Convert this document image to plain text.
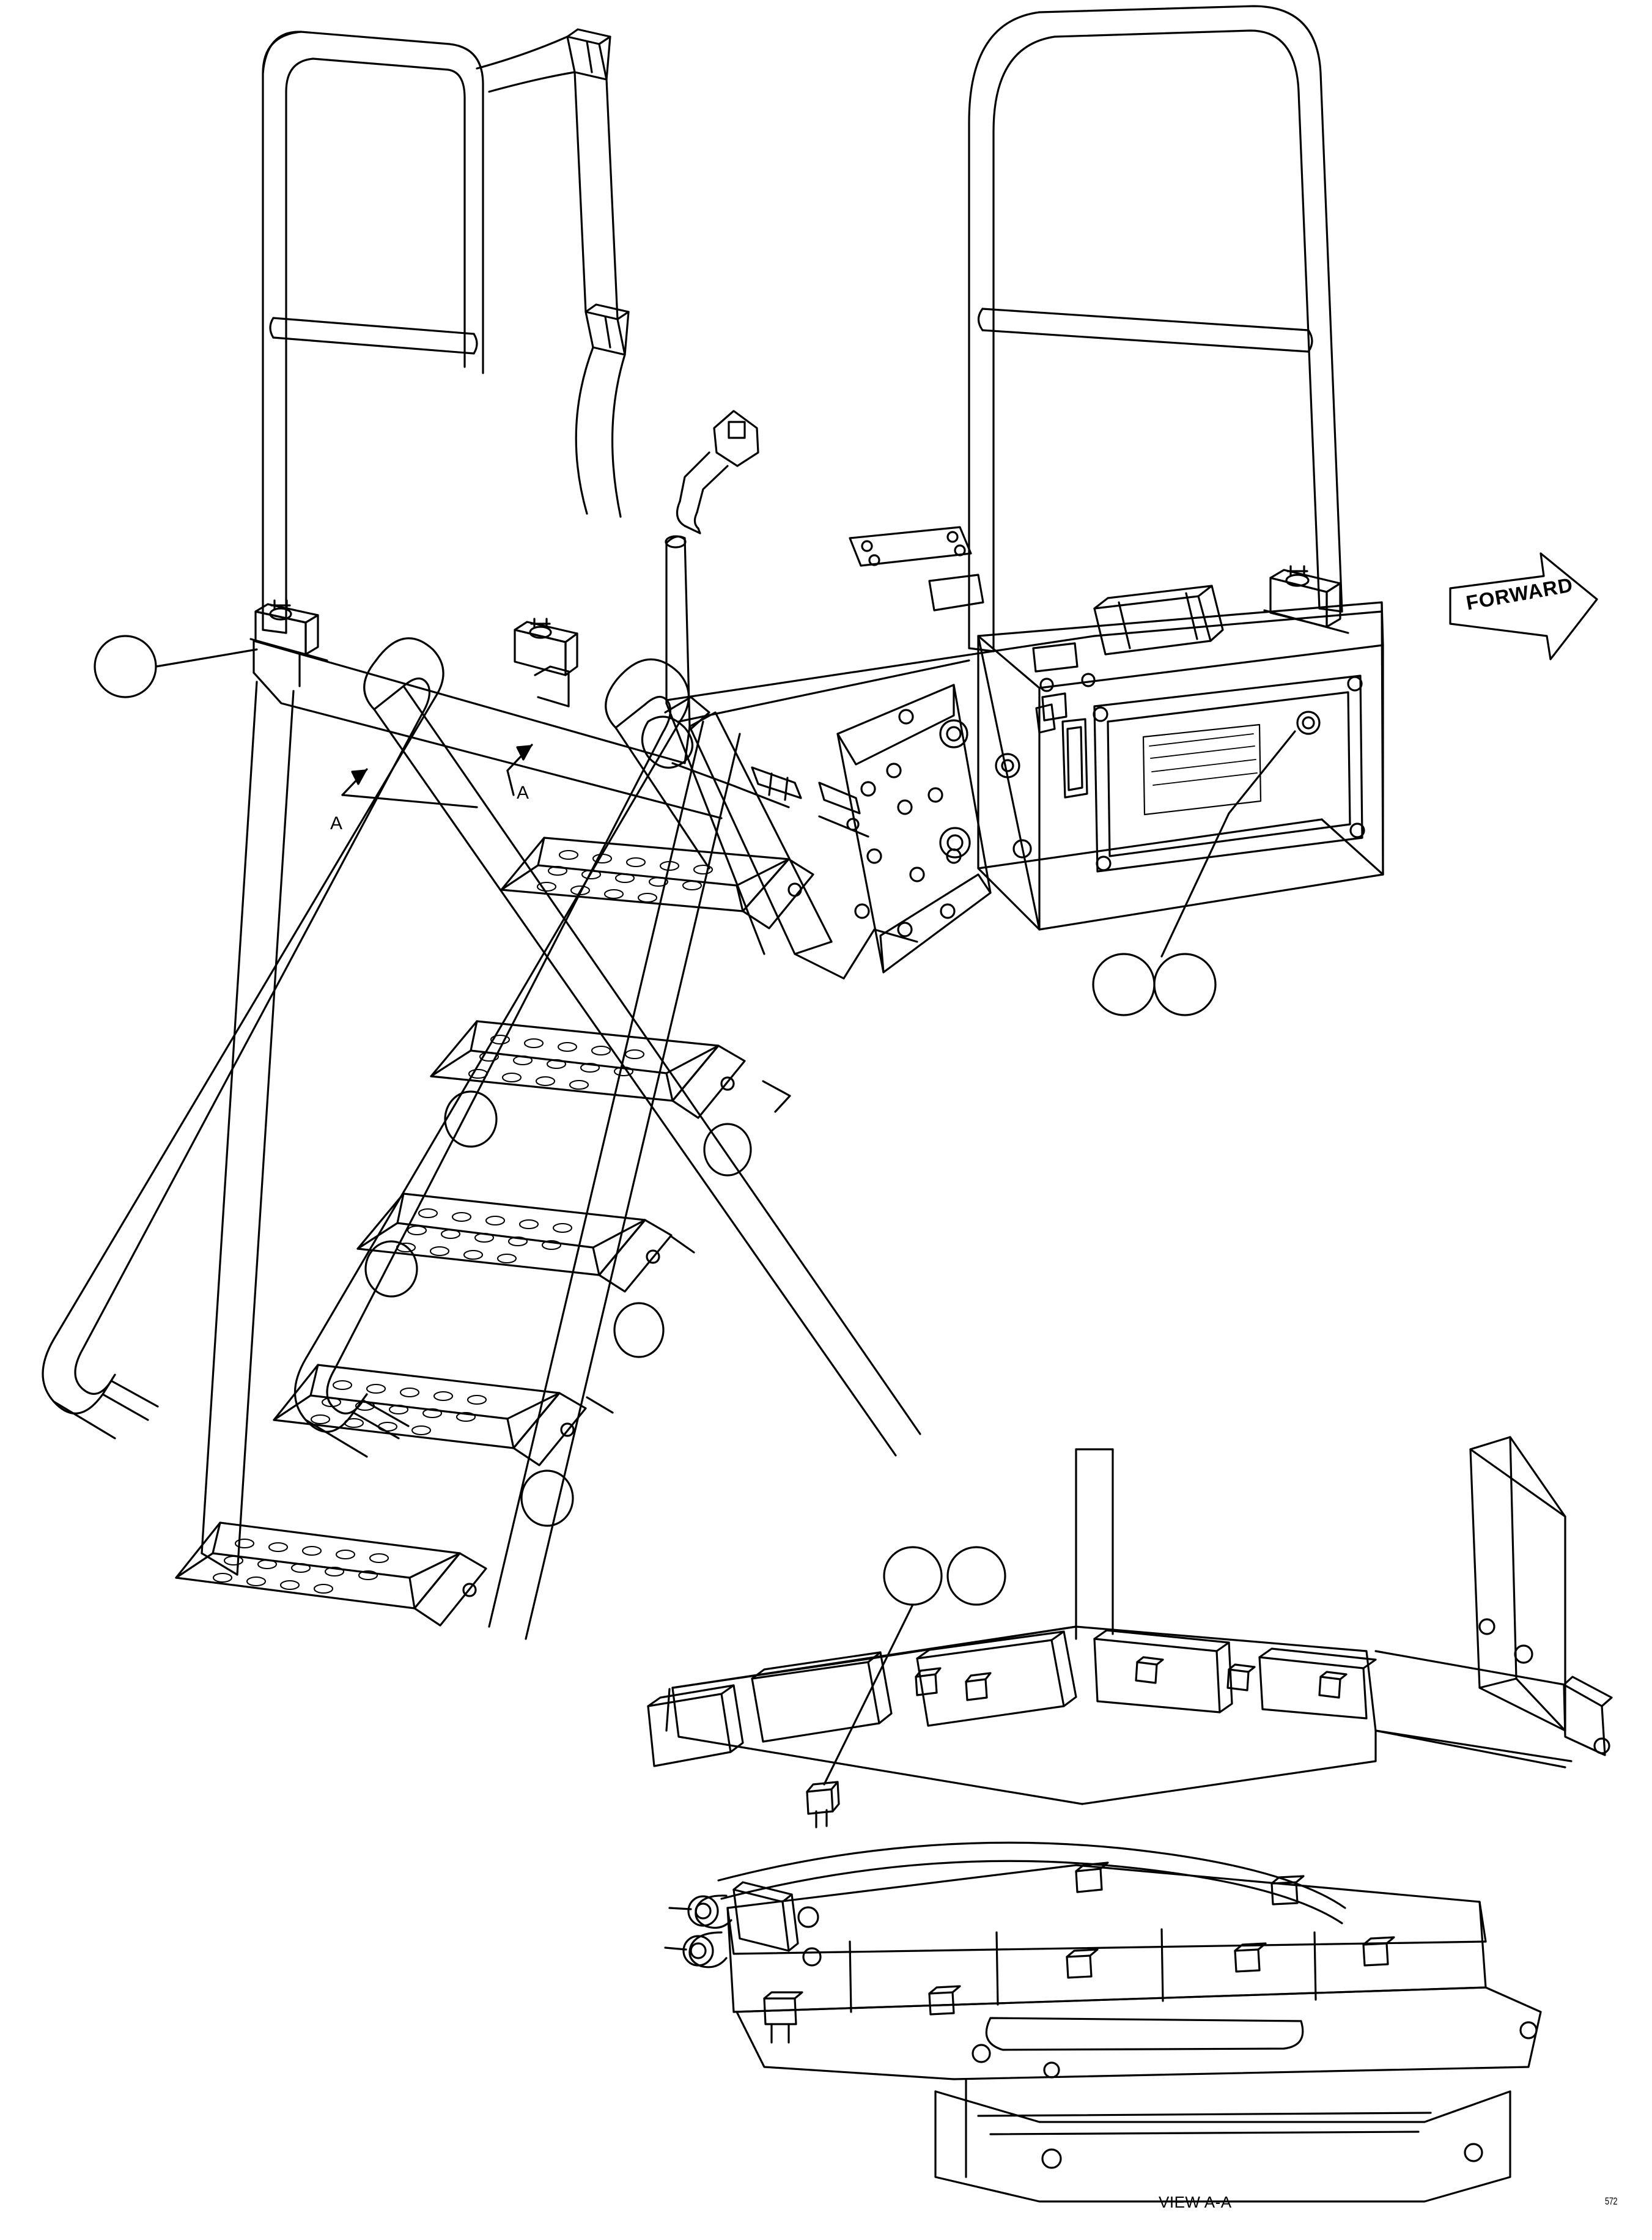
FORWARD
A
A
VIEW A-A	572
